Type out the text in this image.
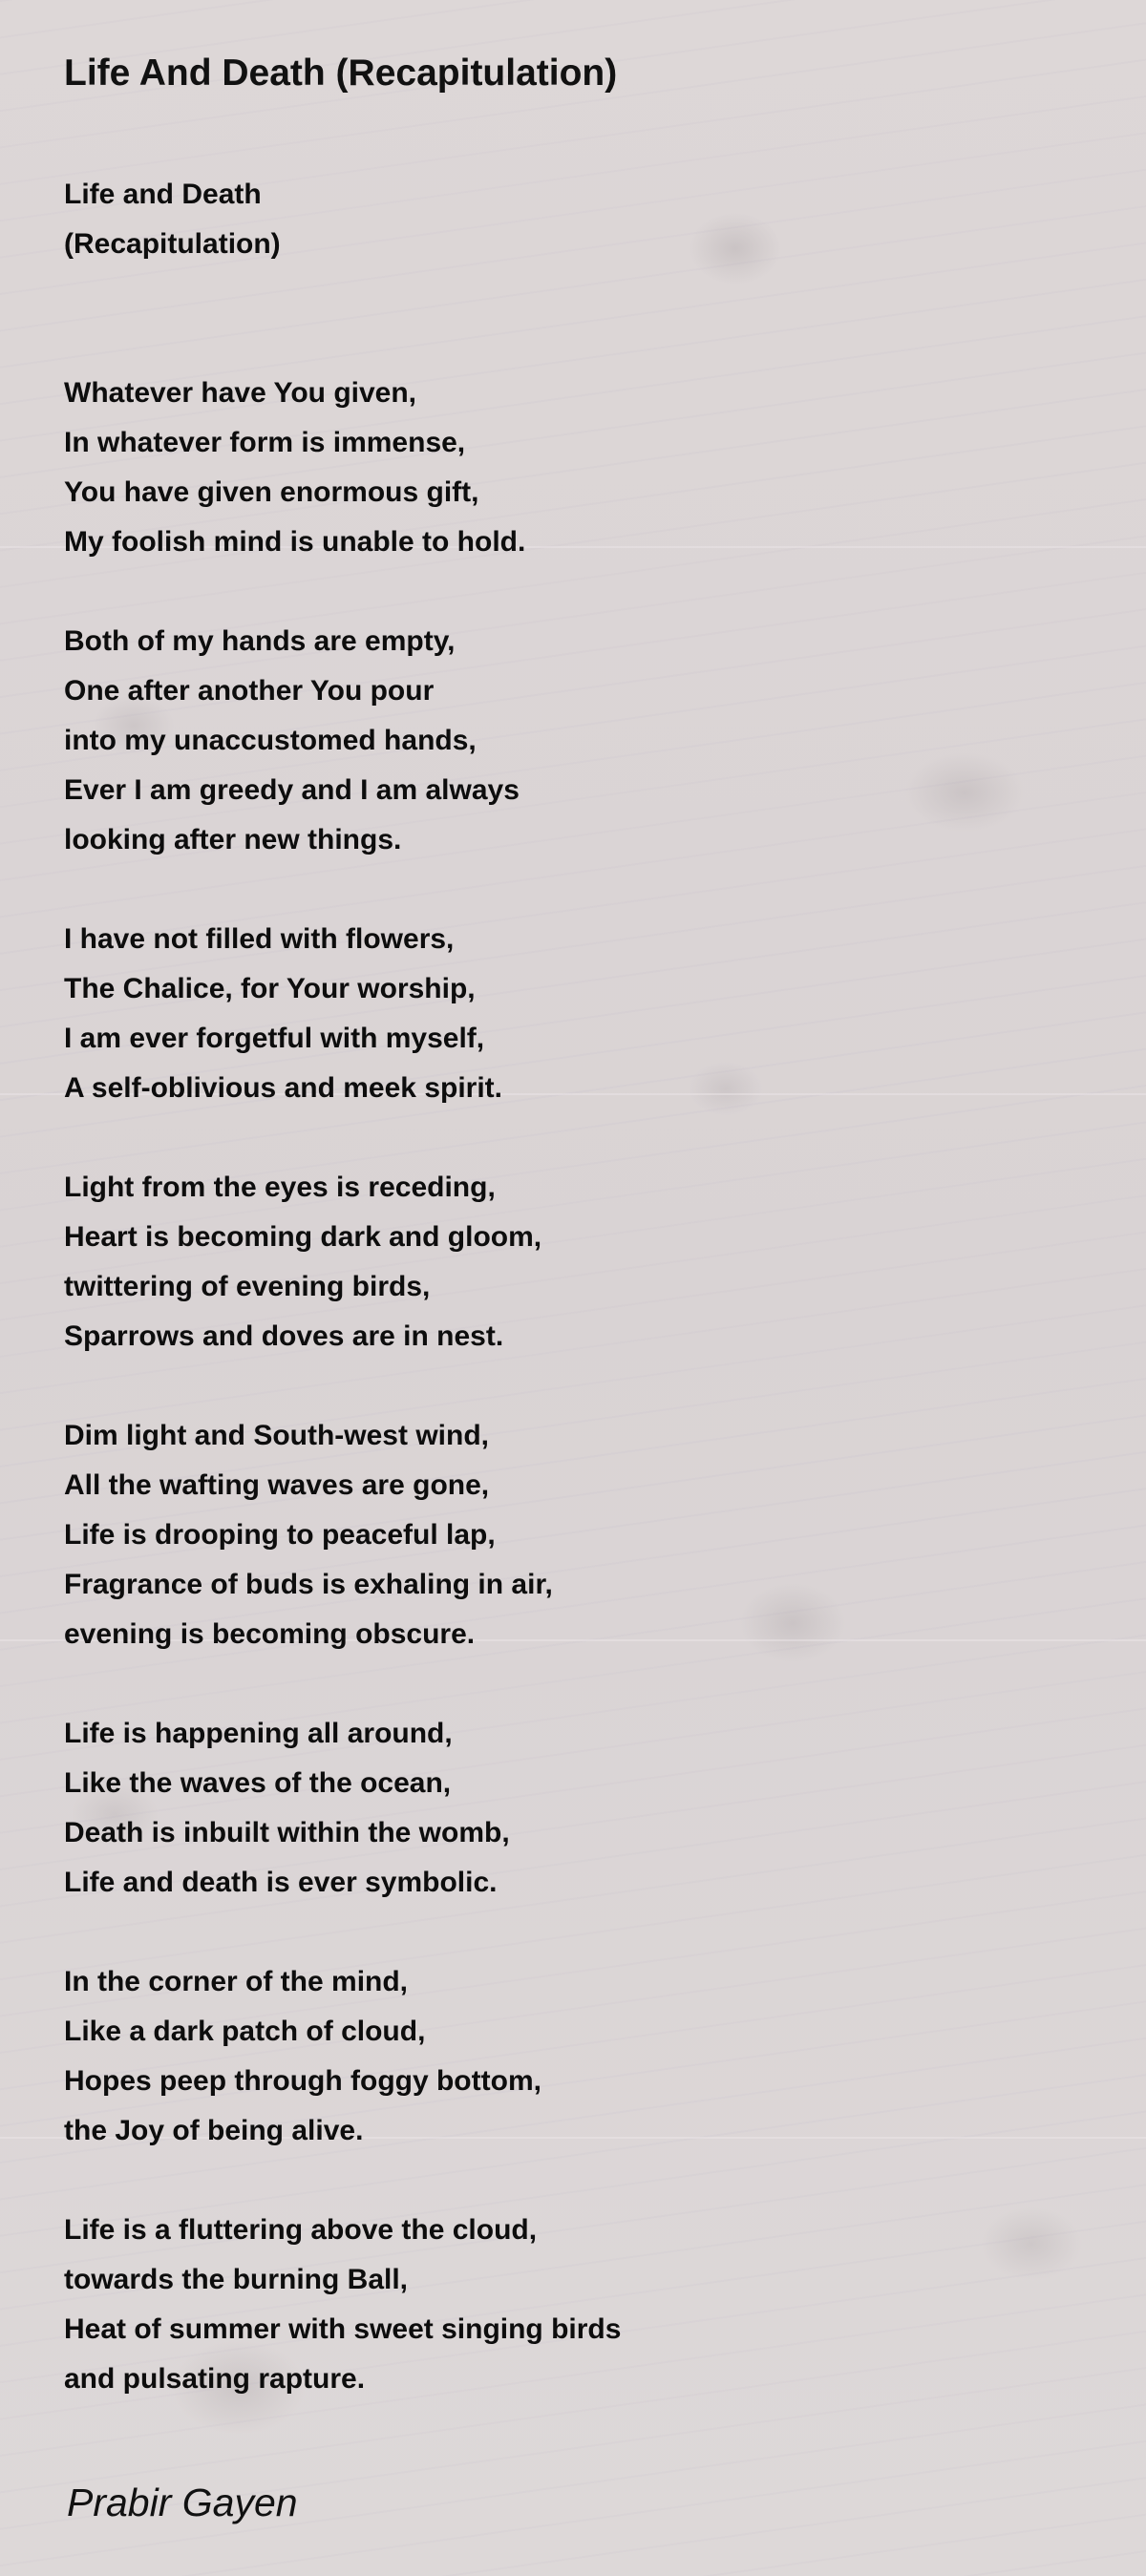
Life And Death (Recapitulation)
Life and Death
(Recapitulation)
Whatever have You given,
In whatever form is immense,
You have given enormous gift,
My foolish mind is unable to hold.
Both of my hands are empty,
One after another You pour
into my unaccustomed hands,
Ever I am greedy and I am always
looking after new things.
I have not filled with flowers,
The Chalice, for Your worship,
I am ever forgetful with myself,
A self-oblivious and meek spirit.
Light from the eyes is receding,
Heart is becoming dark and gloom,
twittering of evening birds,
Sparrows and doves are in nest.
Dim light and South-west wind,
All the wafting waves are gone,
Life is drooping to peaceful lap,
Fragrance of buds is exhaling in air,
evening is becoming obscure.
Life is happening all around,
Like the waves of the ocean,
Death is inbuilt within the womb,
Life and death is ever symbolic.
In the corner of the mind,
Like a dark patch of cloud,
Hopes peep through foggy bottom,
the Joy of being alive.
Life is a fluttering above the cloud,
towards the burning Ball,
Heat of summer with sweet singing birds
and pulsating rapture.
Prabir Gayen
